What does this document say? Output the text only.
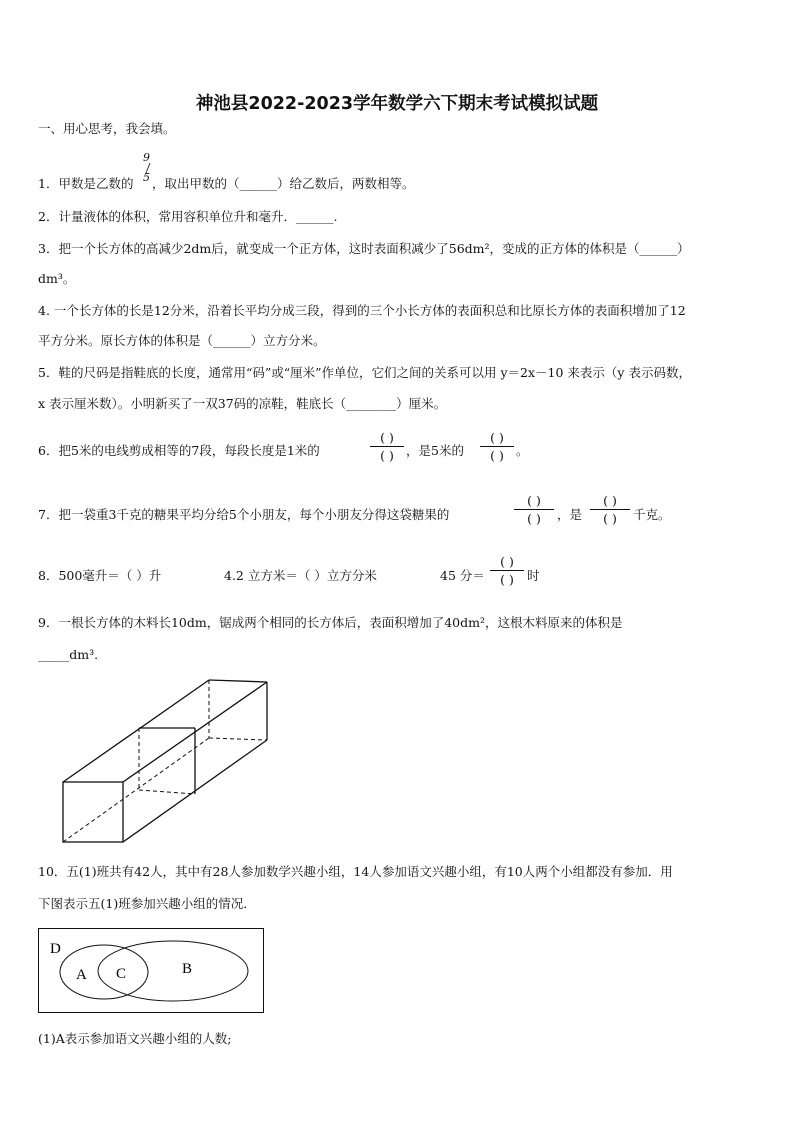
神池县2022-2023学年数学六下期末考试模拟试题
一、用心思考，我会填。
9
5
1．甲数是乙数的 ，取出甲数的（______）给乙数后，两数相等。
2．计量液体的体积，常用容积单位升和毫升．______.
3．把一个长方体的高减少2dm后，就变成一个正方体，这时表面积减少了56dm²，变成的正方体的体积是（______）
dm³。
4. 一个长方体的长是12分米，沿着长平均分成三段，得到的三个小长方体的表面积总和比原长方体的表面积增加了12
平方分米。原长方体的体积是（______）立方分米。
5．鞋的尺码是指鞋底的长度，通常用“码”或“厘米”作单位，它们之间的关系可以用 y＝2x－10 来表示（y 表示码数，
x 表示厘米数）。小明新买了一双37码的凉鞋，鞋底长（________）厘米。
6．把5米的电线剪成相等的7段，每段长度是1米的
( )
( ) ，是5米的
( )
( ) 。
7．把一袋重3千克的糖果平均分给5个小朋友，每个小朋友分得这袋糖果的
( )
( )	，是
( )
( )	千克。
8．500毫升＝（ ）升	4.2 立方米＝（ ）立方分米	45 分＝
( )
( )	时
9．一根长方体的木料长10dm，锯成两个相同的长方体后，表面积增加了40dm²，这根木料原来的体积是
_____dm³.
10．五(1)班共有42人，其中有28人参加数学兴趣小组，14人参加语文兴趣小组，有10人两个小组都没有参加．用
下图表示五(1)班参加兴趣小组的情况．
D
A C	B
(1)A表示参加语文兴趣小组的人数;
